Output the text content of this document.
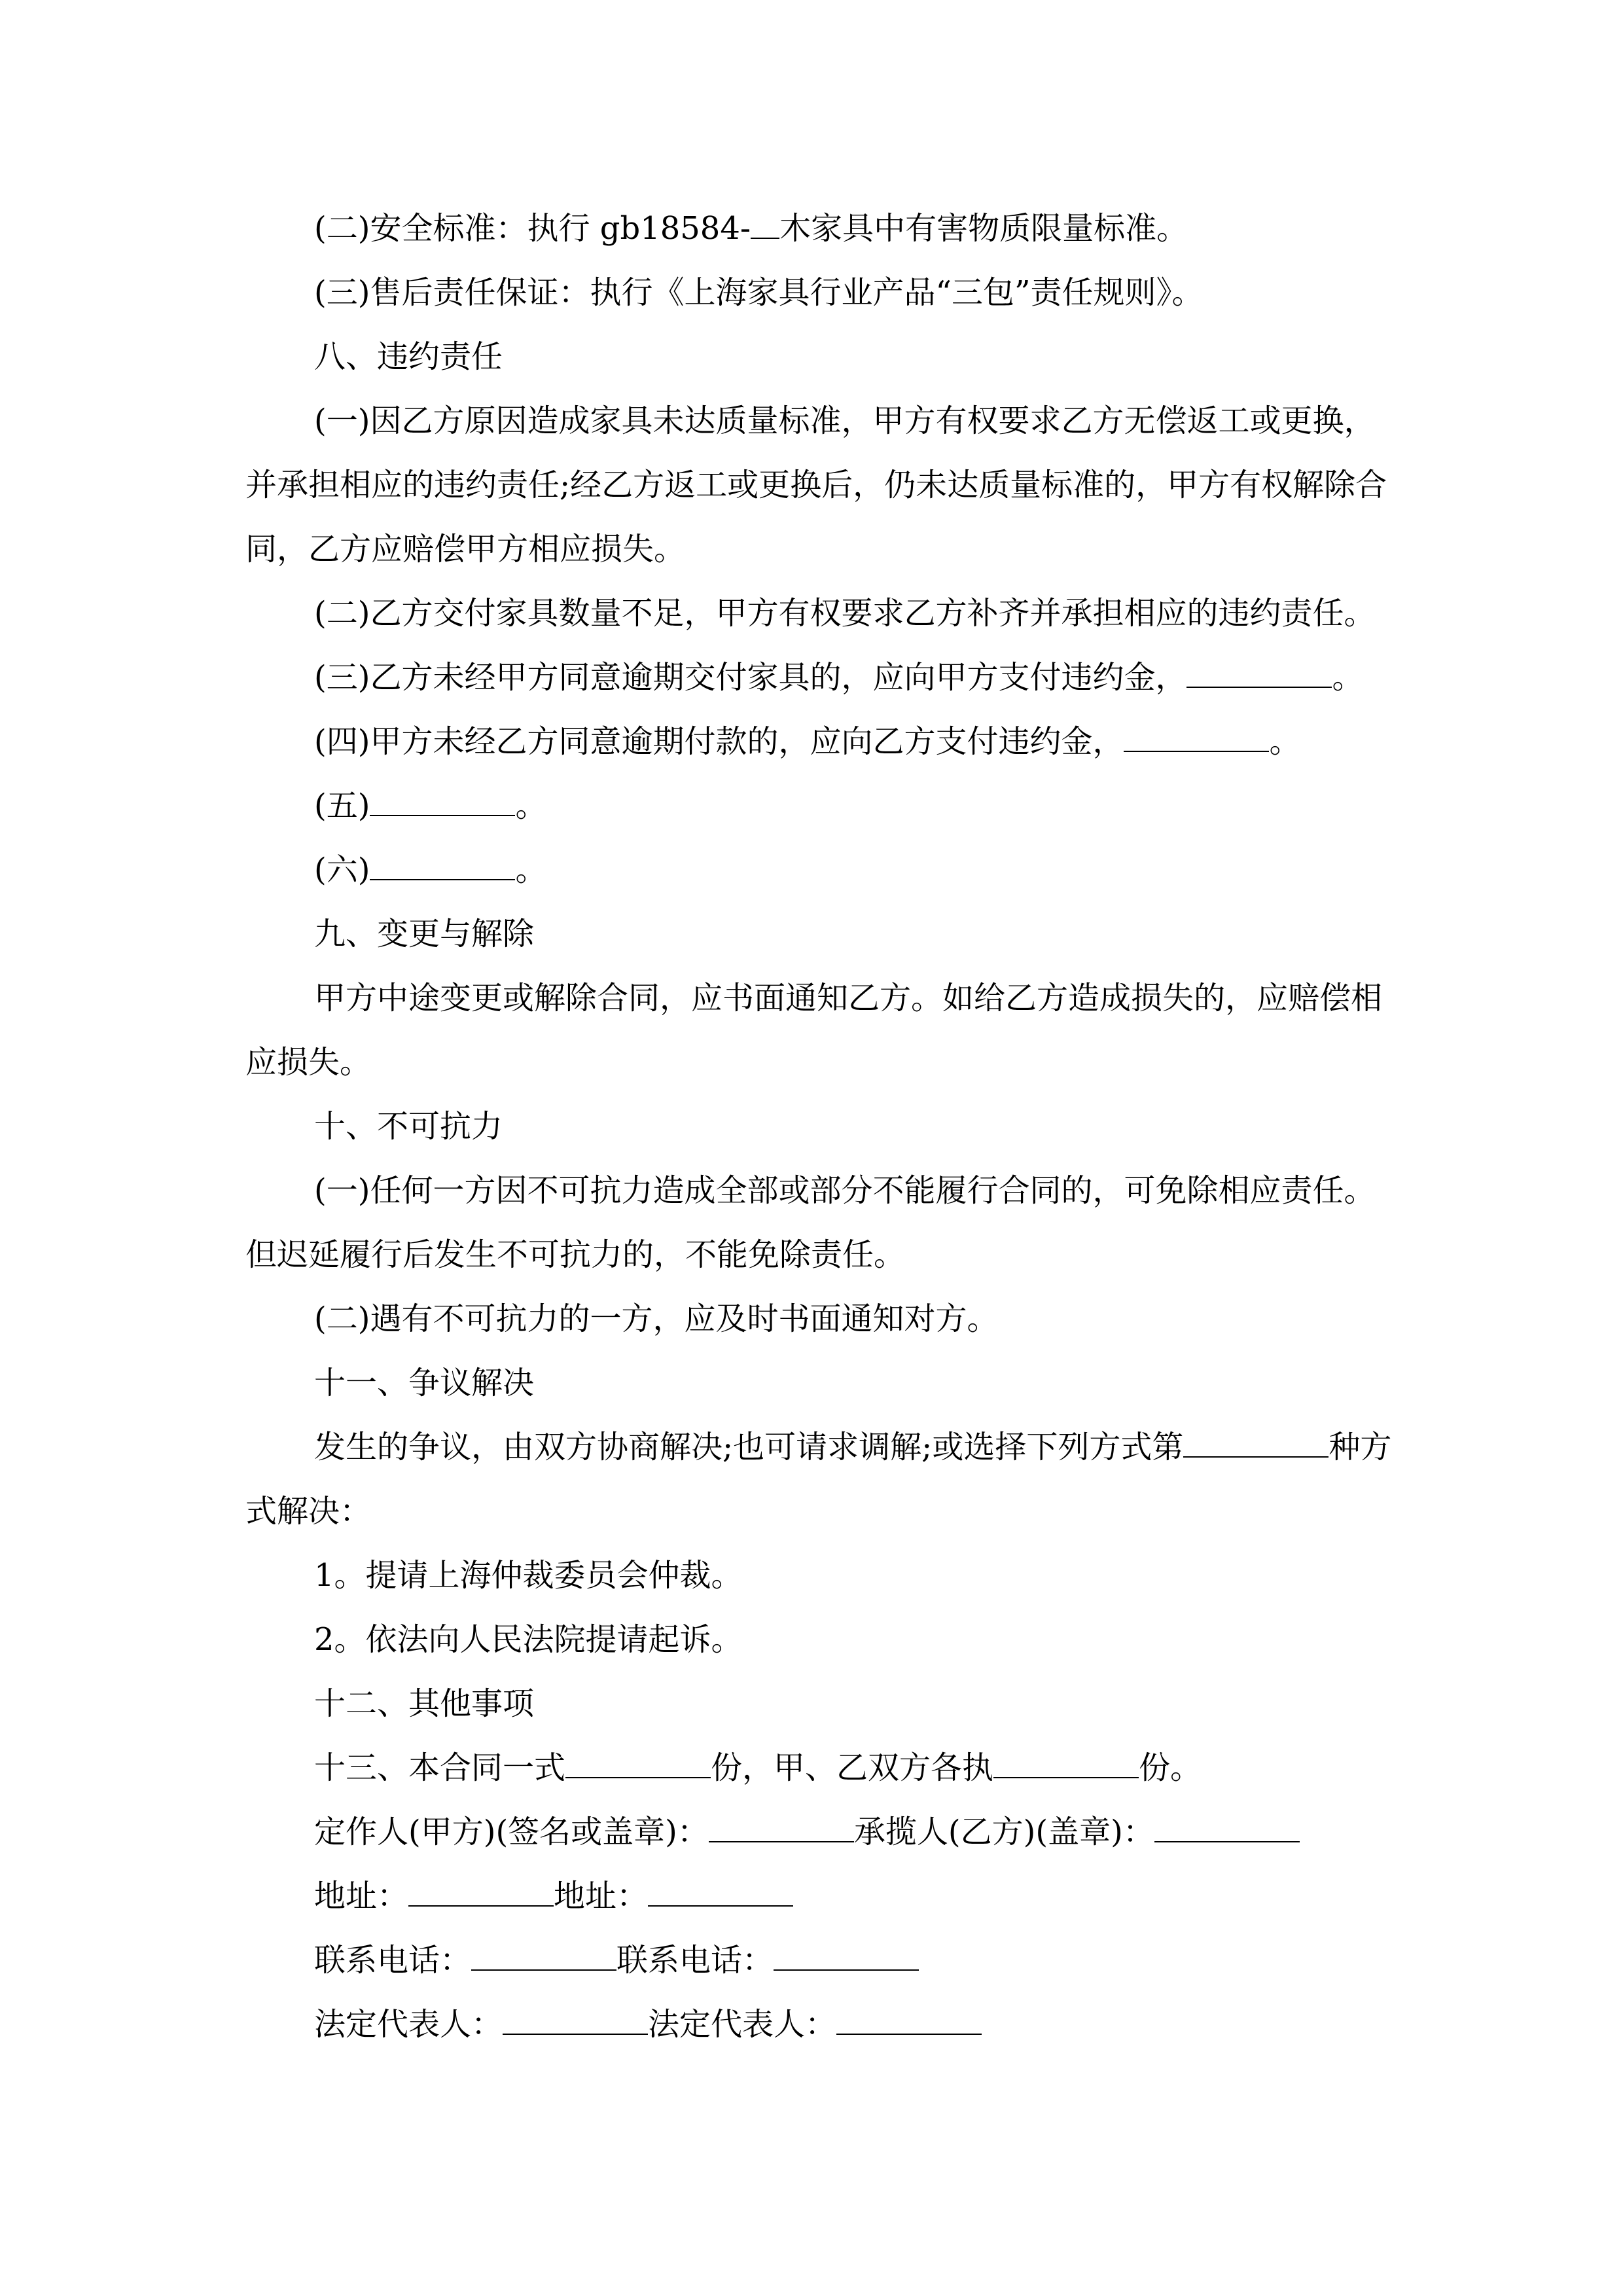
(二)安全标准：执行 gb18584- 木家具中有害物质限量标准。

(三)售后责任保证：执行《上海家具行业产品“三包”责任规则》。

八、违约责任

(一)因乙方原因造成家具未达质量标准，甲方有权要求乙方无偿返工或更换，并承担相应的违约责任;经乙方返工或更换后，仍未达质量标准的，甲方有权解除合同，乙方应赔偿甲方相应损失。

(二)乙方交付家具数量不足，甲方有权要求乙方补齐并承担相应的违约责任。

(三)乙方未经甲方同意逾期交付家具的，应向甲方支付违约金，	。

(四)甲方未经乙方同意逾期付款的，应向乙方支付违约金，	。

(五)	。

(六)	。

九、变更与解除

甲方中途变更或解除合同，应书面通知乙方。如给乙方造成损失的，应赔偿相应损失。

十、不可抗力

(一)任何一方因不可抗力造成全部或部分不能履行合同的，可免除相应责任。但迟延履行后发生不可抗力的，不能免除责任。

(二)遇有不可抗力的一方，应及时书面通知对方。

十一、争议解决

发生的争议，由双方协商解决;也可请求调解;或选择下列方式第	种方式解决：

1。提请上海仲裁委员会仲裁。

2。依法向人民法院提请起诉。

十二、其他事项

十三、本合同一式	份，甲、乙双方各执	份。

定作人(甲方)(签名或盖章)：	承揽人(乙方)(盖章)：

地址：	地址：

联系电话：	联系电话：

法定代表人：	法定代表人：
